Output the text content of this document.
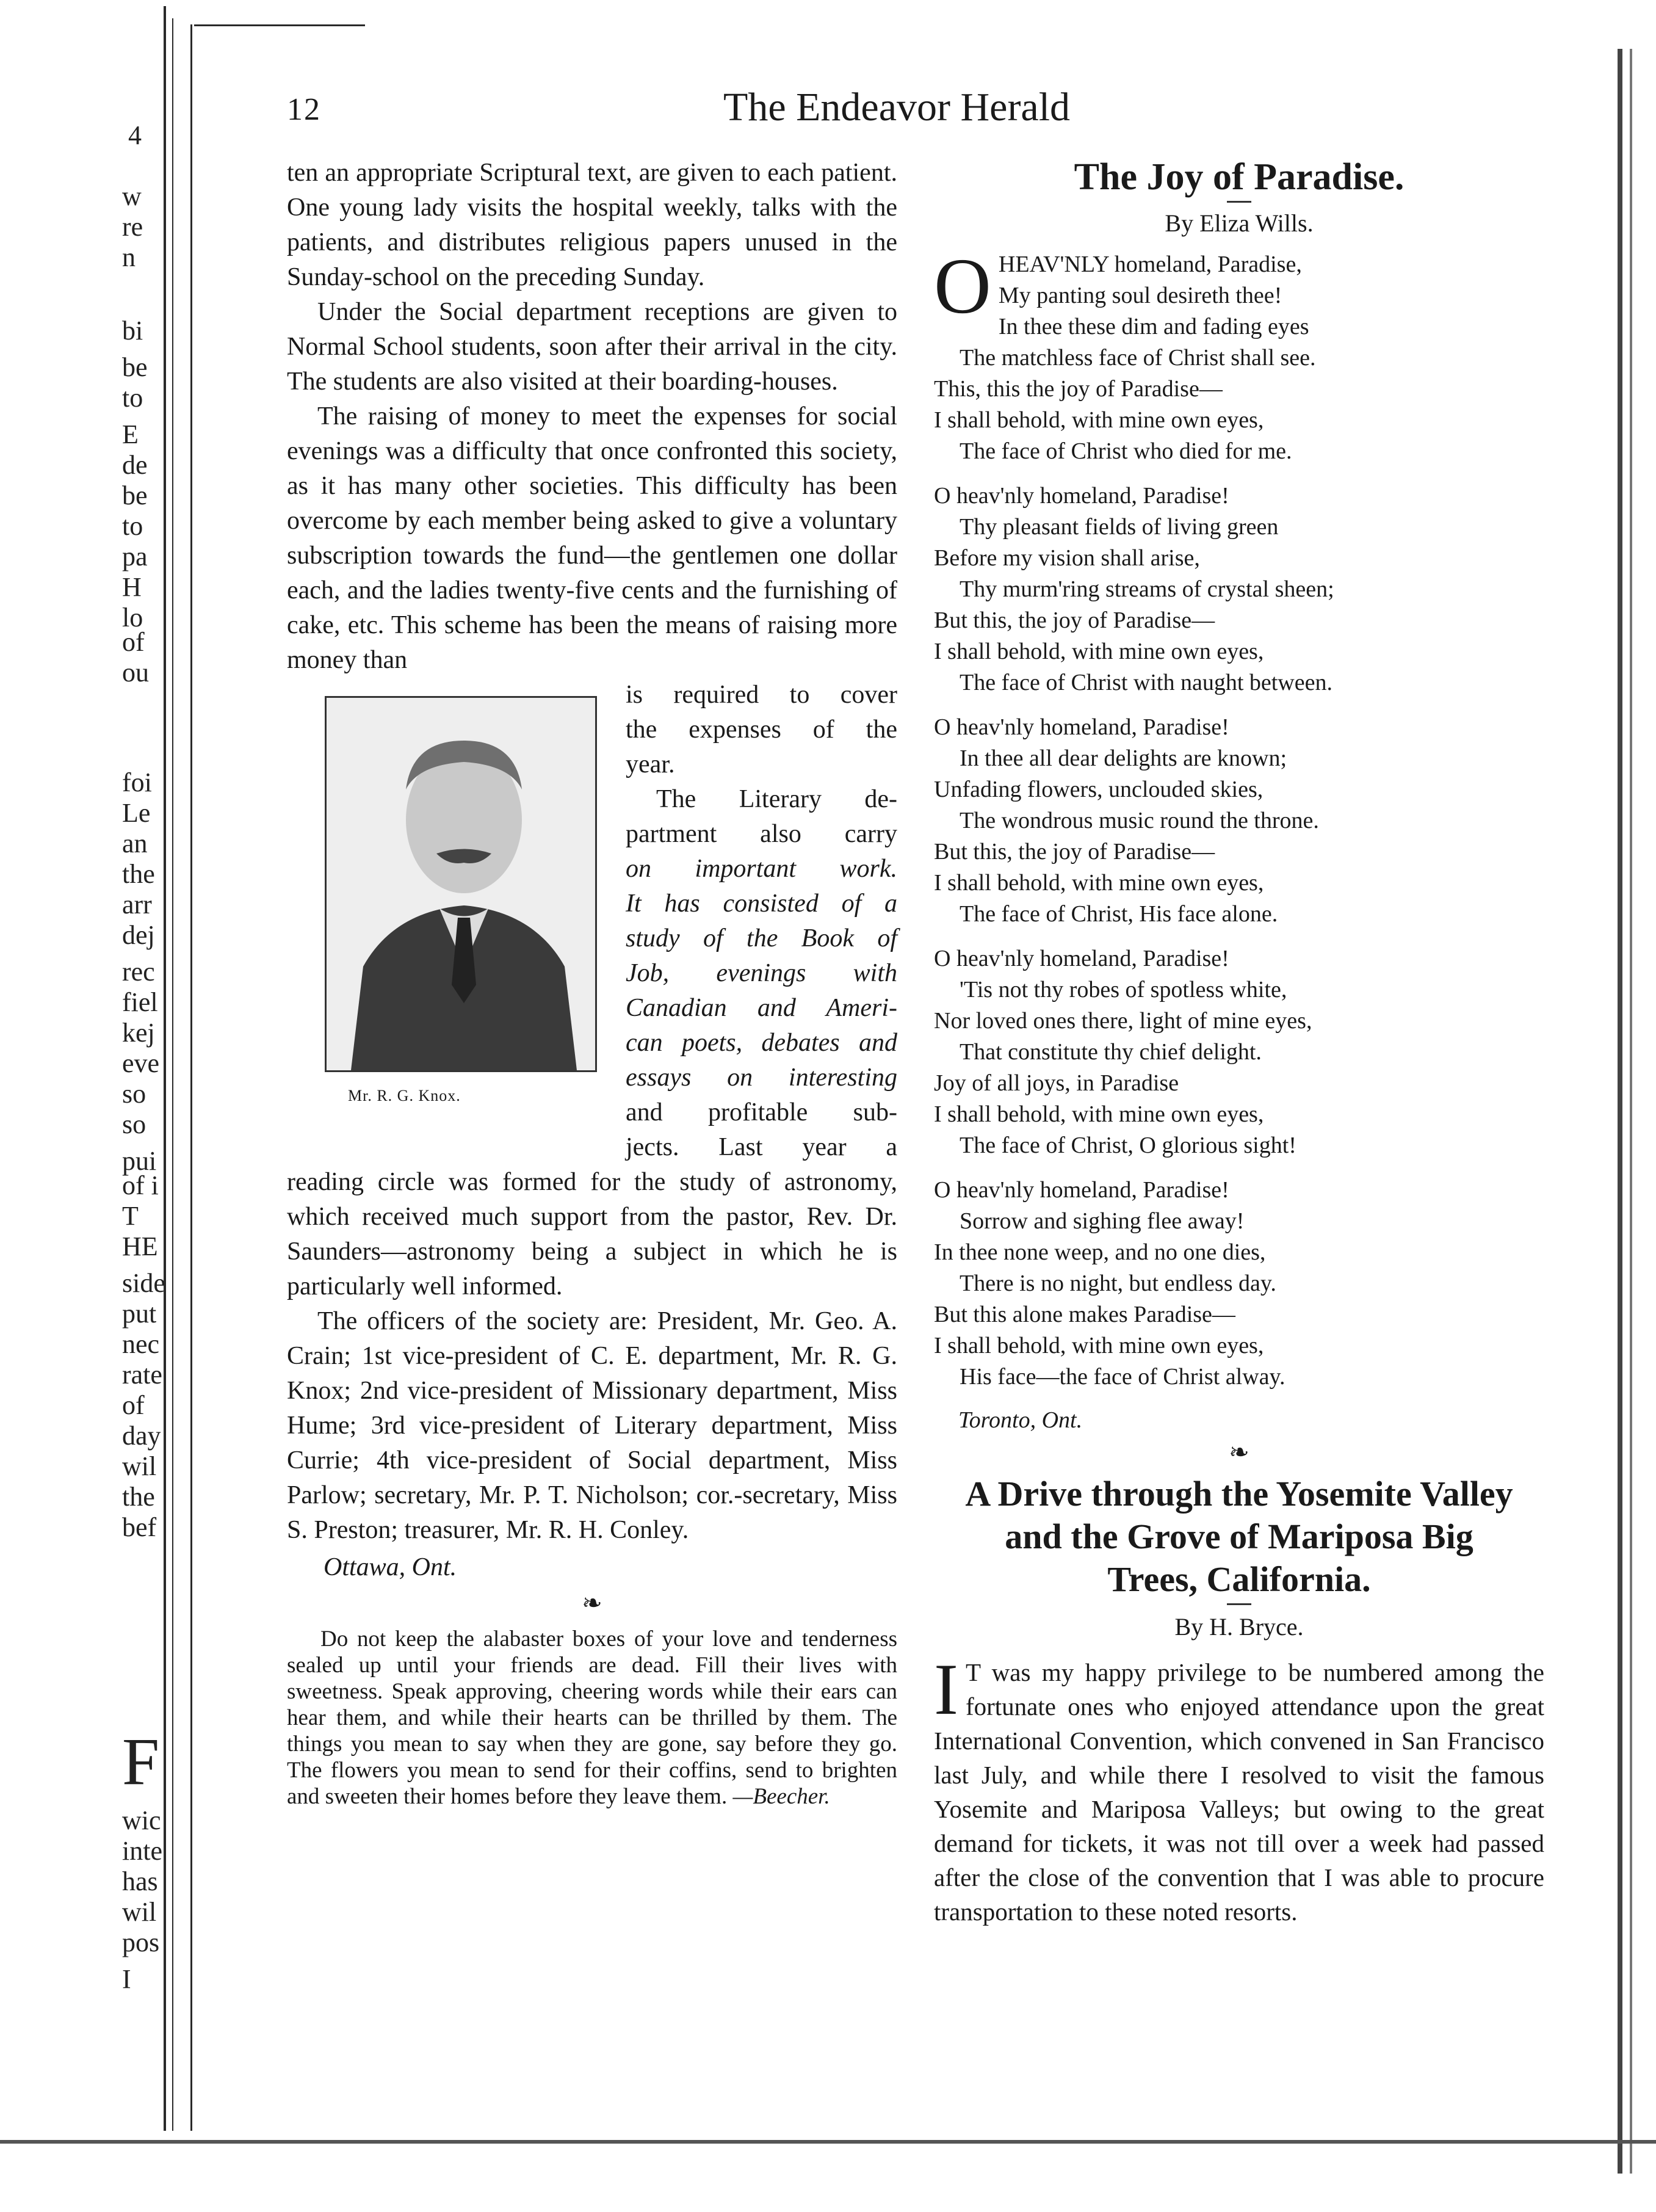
4
w
re
n
bi
be
to
E
de
be
to
pa
H
lo
of
ou
foi
Le
an
the
arr
dej
rec
fiel
kej
eve
so
so
pui
of i
T
HE
side
put
nec
rate
of
day
wil
the
bef
F
wic
inte
has
wil
pos
I
12	The Endeavor Herald

ten an appropriate Scriptural text, are given to each patient. One young lady visits the hospital weekly, talks with the patients, and distributes religious papers unused in the Sunday-school on the preceding Sunday.

Under the Social department receptions are given to Normal School students, soon after their arrival in the city. The students are also visited at their boarding-houses.

The raising of money to meet the expenses for social evenings was a difficulty that once confronted this society, as it has many other societies. This difficulty has been overcome by each member being asked to give a voluntary subscription towards the fund—the gentlemen one dollar each, and the ladies twenty-five cents and the furnishing of cake, etc. This scheme has been the means of raising more money than

Mr. R. G. Knox.
is required to cover
the expenses of the
year.
The Literary de-
partment also carry
on important work.
It has consisted of a
study of the Book of
Job, evenings with
Canadian and Ameri-
can poets, debates and
essays on interesting
and profitable sub-
jects. Last year a

reading circle was formed for the study of astronomy, which received much support from the pastor, Rev. Dr. Saunders—astronomy being a subject in which he is particularly well informed.

The officers of the society are: President, Mr. Geo. A. Crain; 1st vice-president of C. E. department, Mr. R. G. Knox; 2nd vice-president of Missionary department, Miss Hume; 3rd vice-president of Literary department, Miss Currie; 4th vice-president of Social department, Miss Parlow; secretary, Mr. P. T. Nicholson; cor.-secretary, Miss S. Preston; treasurer, Mr. R. H. Conley.

Ottawa, Ont.

❧

Do not keep the alabaster boxes of your love and tenderness sealed up until your friends are dead. Fill their lives with sweetness. Speak approving, cheering words while their ears can hear them, and while their hearts can be thrilled by them. The things you mean to say when they are gone, say before they go. The flowers you mean to send for their coffins, send to brighten and sweeten their homes before they leave them. —Beecher.

The Joy of Paradise.

By Eliza Wills.

O HEAV'NLY homeland, Paradise,

My panting soul desireth thee!

In thee these dim and fading eyes

The matchless face of Christ shall see.

This, this the joy of Paradise—

I shall behold, with mine own eyes,

The face of Christ who died for me.

O heav'nly homeland, Paradise!

Thy pleasant fields of living green

Before my vision shall arise,

Thy murm'ring streams of crystal sheen;

But this, the joy of Paradise—

I shall behold, with mine own eyes,

The face of Christ with naught between.

O heav'nly homeland, Paradise!

In thee all dear delights are known;

Unfading flowers, unclouded skies,

The wondrous music round the throne.

But this, the joy of Paradise—

I shall behold, with mine own eyes,

The face of Christ, His face alone.

O heav'nly homeland, Paradise!

'Tis not thy robes of spotless white,

Nor loved ones there, light of mine eyes,

That constitute thy chief delight.

Joy of all joys, in Paradise

I shall behold, with mine own eyes,

The face of Christ, O glorious sight!

O heav'nly homeland, Paradise!

Sorrow and sighing flee away!

In thee none weep, and no one dies,

There is no night, but endless day.

But this alone makes Paradise—

I shall behold, with mine own eyes,

His face—the face of Christ alway.

Toronto, Ont.

❧
A Drive through the Yosemite Valley
and the Grove of Mariposa Big
Trees, California.

By H. Bryce.

I T was my happy privilege to be numbered among the fortunate ones who enjoyed attendance upon the great International Convention, which convened in San Francisco last July, and while there I resolved to visit the famous Yosemite and Mariposa Valleys; but owing to the great demand for tickets, it was not till over a week had passed after the close of the convention that I was able to procure transportation to these noted resorts.
